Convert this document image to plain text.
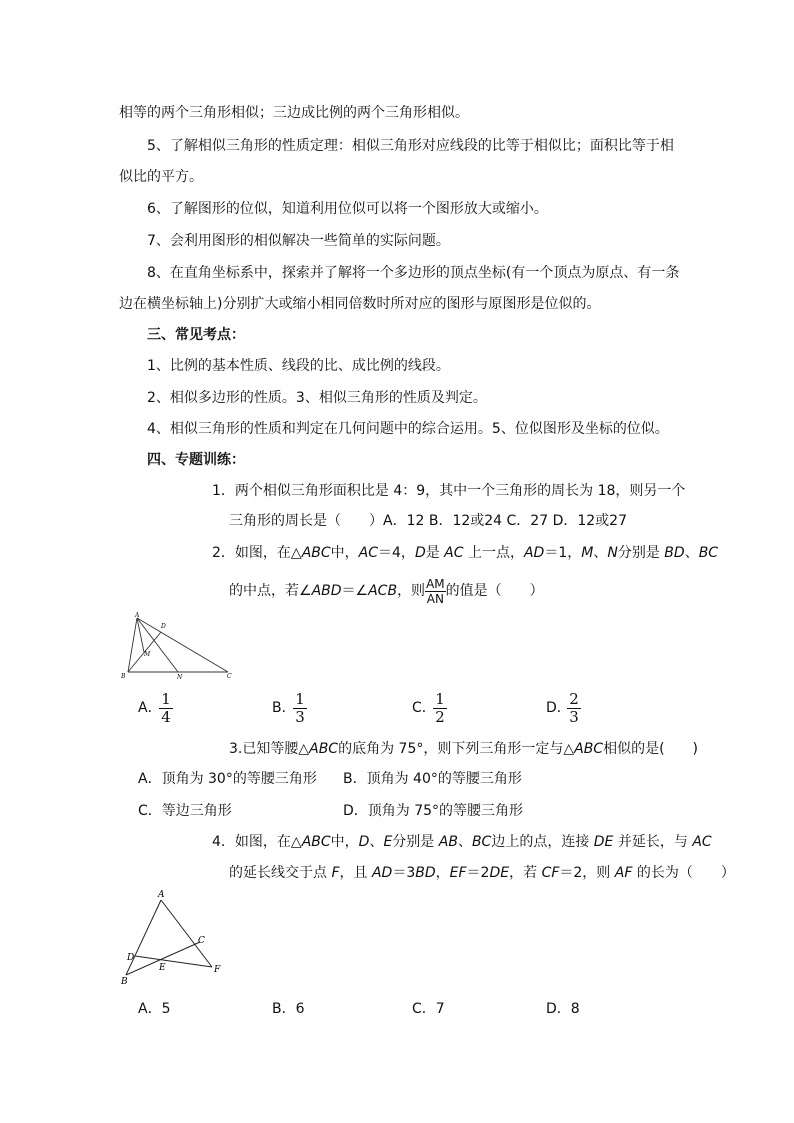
相等的两个三角形相似；三边成比例的两个三角形相似。
5、了解相似三角形的性质定理：相似三角形对应线段的比等于相似比；面积比等于相
似比的平方。
6、了解图形的位似，知道利用位似可以将一个图形放大或缩小。
7、会利用图形的相似解决一些简单的实际问题。
8、在直角坐标系中，探索并了解将一个多边形的顶点坐标(有一个顶点为原点、有一条
边在横坐标轴上)分别扩大或缩小相同倍数时所对应的图形与原图形是位似的。
三、常见考点：
1、比例的基本性质、线段的比、成比例的线段。
2、相似多边形的性质。3、相似三角形的性质及判定。
4、相似三角形的性质和判定在几何问题中的综合运用。5、位似图形及坐标的位似。
四、专题训练：
1．两个相似三角形面积比是 4：9，其中一个三角形的周长为 18，则另一个
三角形的周长是（　　）A．12 B．12或24 C．27 D．12或27
2．如图，在△ABC中，AC＝4，D是 AC 上一点，AD＝1，M、N分别是 BD、BC
的中点，若∠ABD＝∠ACB，则 $\frac{AM}{AN}$ 的值是（　　）
A
D
M
B	N	C
A．
$\frac{1}{4}$	B．
$\frac{1}{3}$	C．
$\frac{1}{2}$	D．
$\frac{2}{3}$
3.已知等腰△ABC的底角为 75°，则下列三角形一定与△ABC相似的是(　　)
A．顶角为 30°的等腰三角形 B．顶角为 40°的等腰三角形
C．等边三角形	D．顶角为 75°的等腰三角形
4．如图，在△ABC中，D、E分别是 AB、BC边上的点，连接 DE 并延长，与 AC
的延长线交于点 F，且 AD＝3BD，EF＝2DE，若 CF＝2，则 AF 的长为（　　）
A
C
D
E	F
B
A．5	B．6	C．7	D．8
